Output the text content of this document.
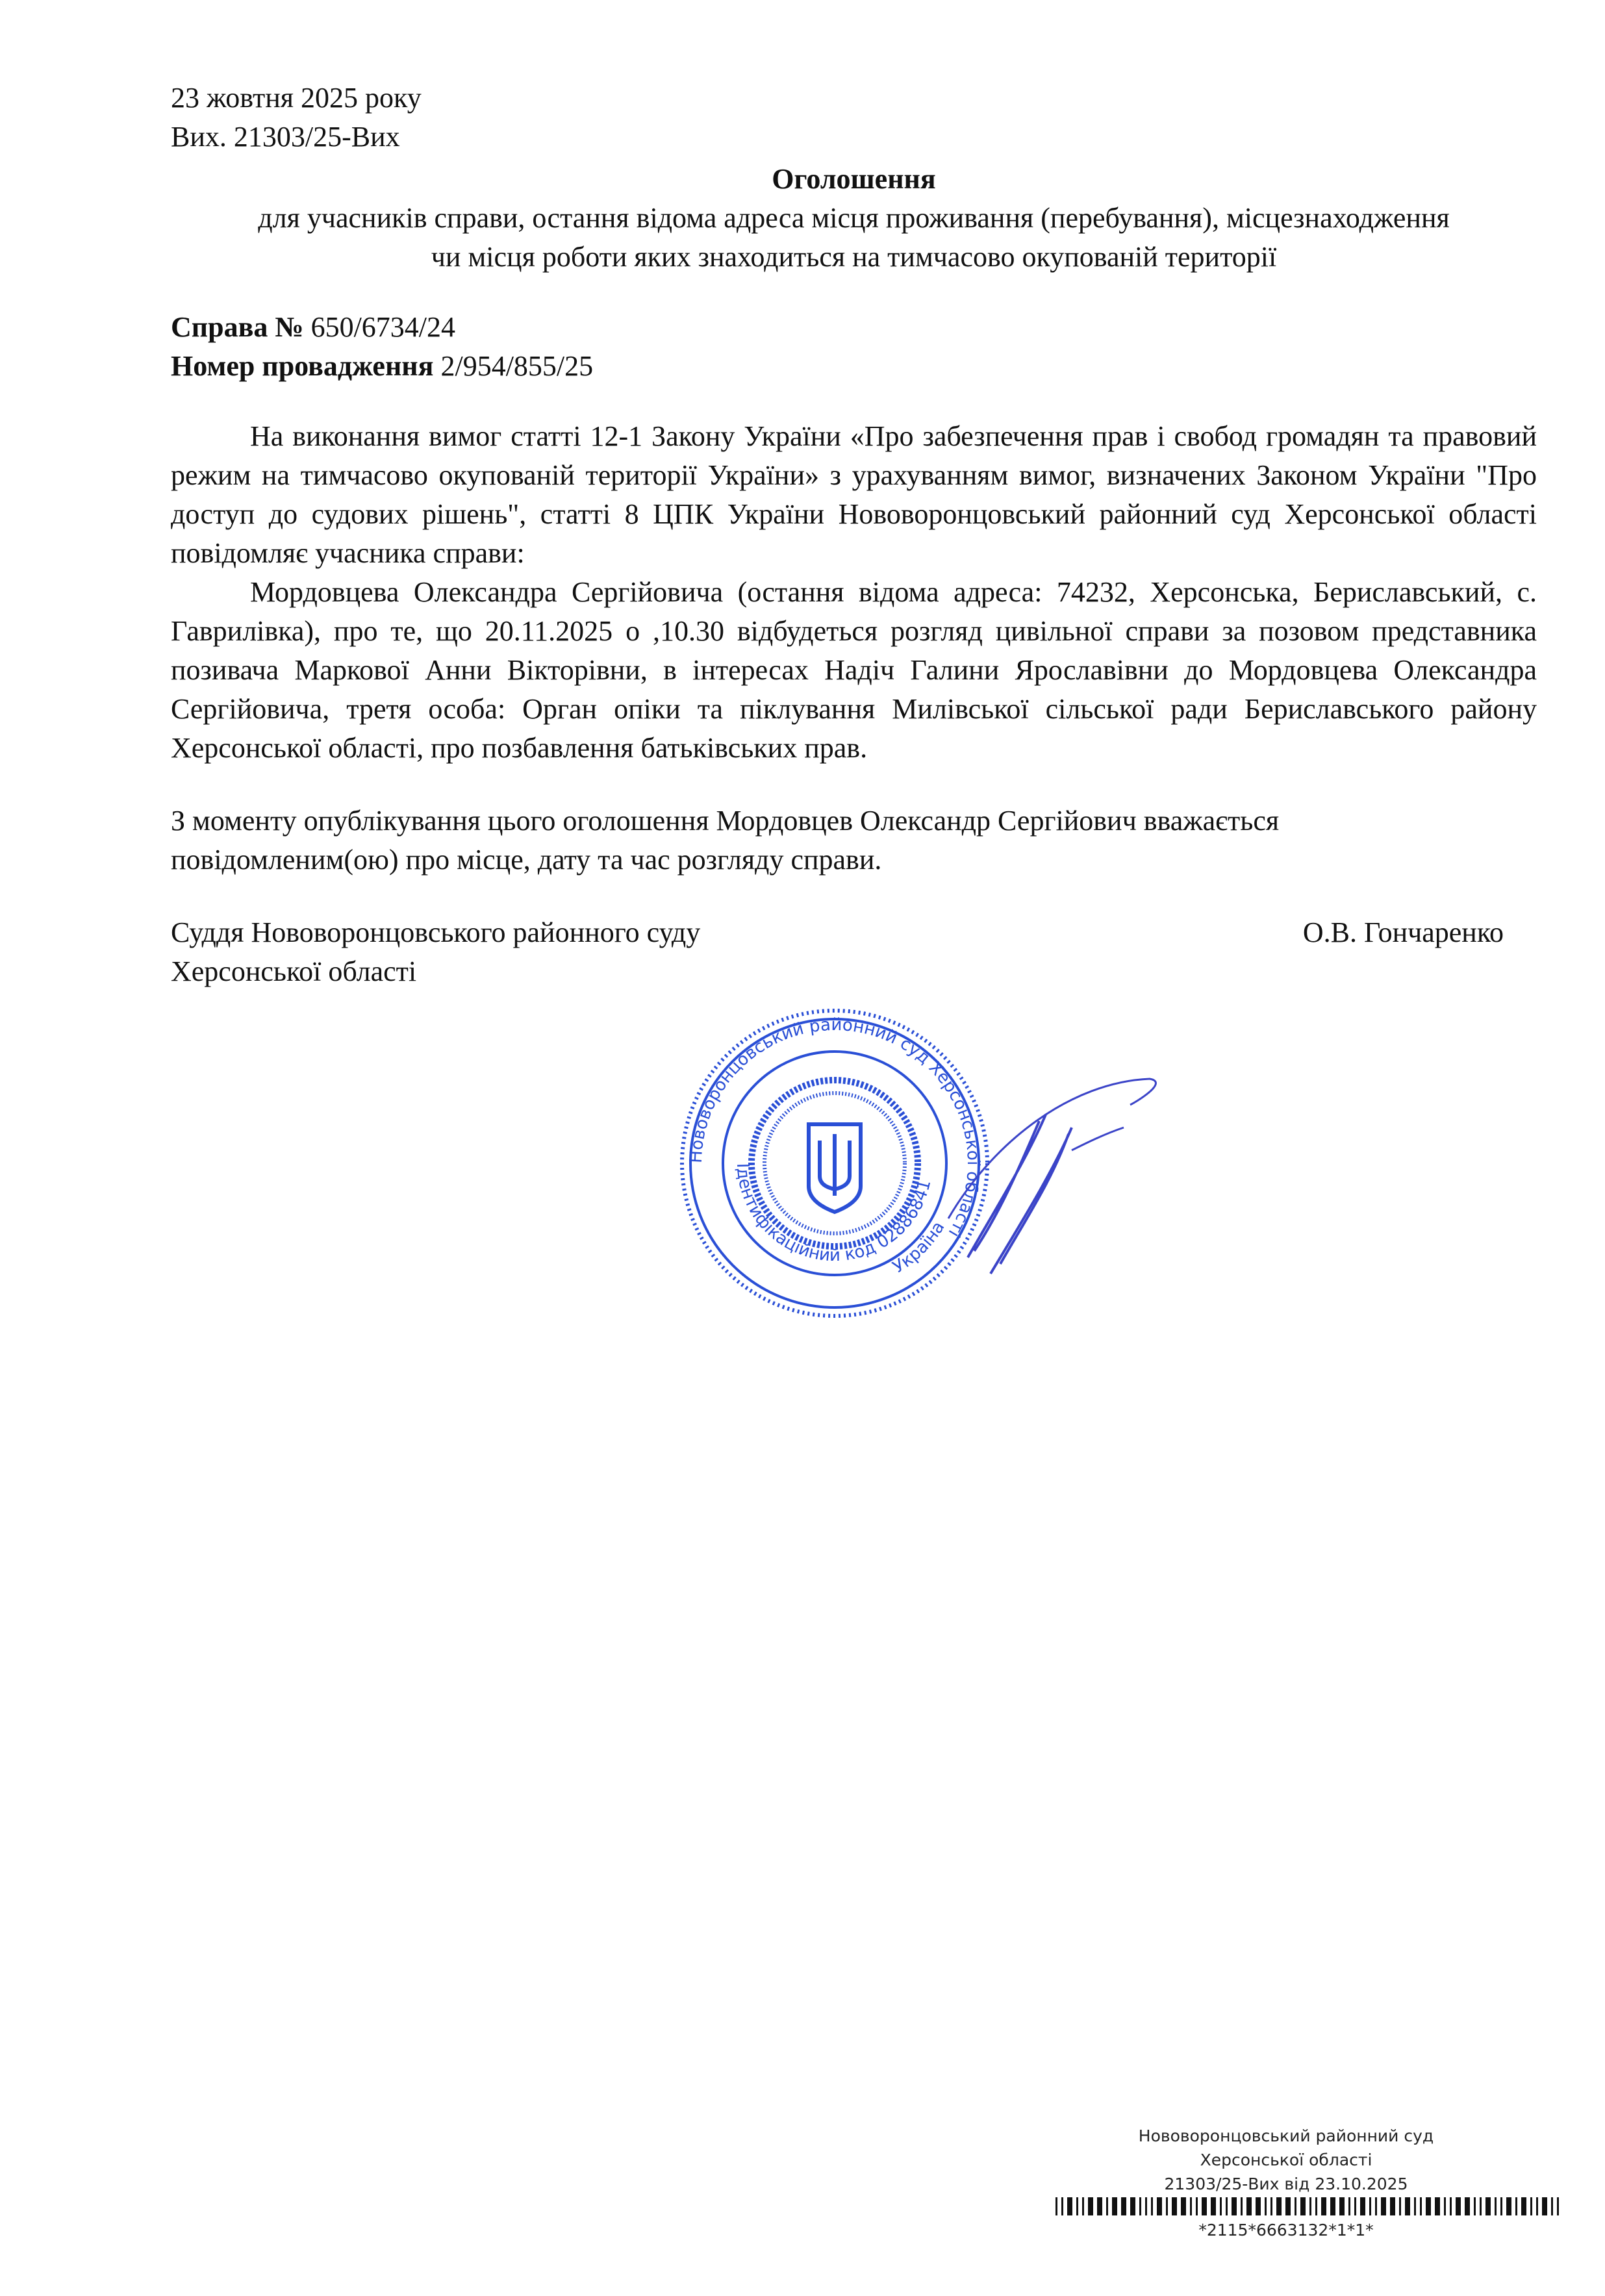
23 жовтня 2025 року
Вих. 21303/25-Вих
Оголошення
для учасників справи, остання відома адреса місця проживання (перебування), місцезнаходження
чи місця роботи яких знаходиться на тимчасово окупованій території
Справа № 650/6734/24
Номер провадження 2/954/855/25
На виконання вимог статті 12-1 Закону України «Про забезпечення прав і свобод громадян та правовий режим на тимчасово окупованій території України» з урахуванням вимог, визначених Законом України "Про доступ до судових рішень", статті 8 ЦПК України Нововоронцовський районний суд Херсонської області повідомляє учасника справи:
Мордовцева Олександра Сергійовича (остання відома адреса: 74232, Херсонська, Бериславський, с. Гаврилівка), про те, що 20.11.2025 о ,10.30 відбудеться розгляд цивільної справи за позовом представника позивача Маркової Анни Вікторівни, в інтересах Надіч Галини Ярославівни до Мордовцева Олександра Сергійовича, третя особа: Орган опіки та піклування Милівської сільської ради Бериславського району Херсонської області, про позбавлення батьківських прав.
З моменту опублікування цього оголошення Мордовцев Олександр Сергійович вважається
повідомленим(ою) про місце, дату та час розгляду справи.
Суддя Нововоронцовського районного суду	О.В. Гончаренко
Херсонської області
Нововоронцовський районний суд Херсонської області
Ідентифікаційний код 02886841
Україна
Нововоронцовський районний суд
Херсонської області
21303/25-Вих від 23.10.2025
*2115*6663132*1*1*
